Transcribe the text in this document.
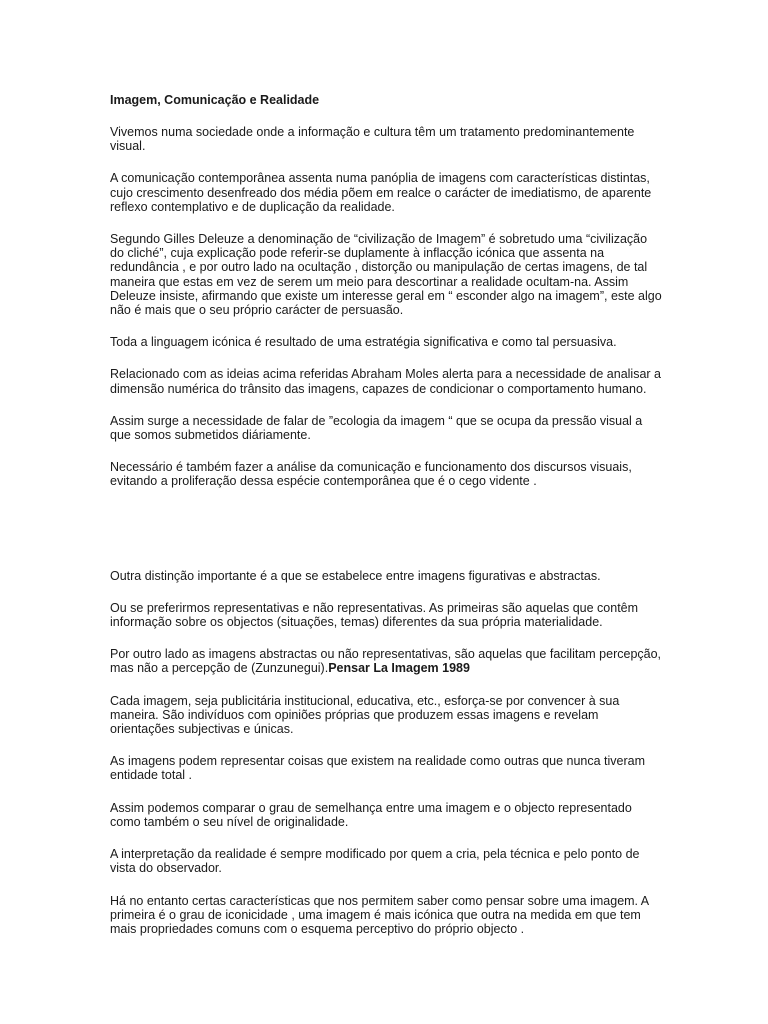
Imagem, Comunicação e Realidade

Vivemos numa sociedade onde a informação e cultura têm um tratamento predominantemente visual.

A comunicação contemporânea assenta numa panóplia de imagens com características distintas, cujo crescimento desenfreado dos média põem em realce o carácter de imediatismo, de aparente reflexo contemplativo e de duplicação da realidade.

Segundo Gilles Deleuze a denominação de “civilização de Imagem” é sobretudo uma “civilização do cliché”, cuja explicação pode referir-se duplamente à inflacção icónica que assenta na redundância , e por outro lado na ocultação , distorção ou manipulação de certas imagens, de tal maneira que estas em vez de serem um meio para descortinar a realidade ocultam-na. Assim Deleuze insiste, afirmando que existe um interesse geral em “ esconder algo na imagem”, este algo não é mais que o seu próprio carácter de persuasão.

Toda a linguagem icónica é resultado de uma estratégia significativa e como tal persuasiva.

Relacionado com as ideias acima referidas Abraham Moles alerta para a necessidade de analisar a dimensão numérica do trânsito das imagens, capazes de condicionar o comportamento humano.

Assim surge a necessidade de falar de ”ecologia da imagem “ que se ocupa da pressão visual a que somos submetidos diáriamente.

Necessário é também fazer a análise da comunicação e funcionamento dos discursos visuais, evitando a proliferação dessa espécie contemporânea que é o cego vidente .

Outra distinção importante é a que se estabelece entre imagens figurativas e abstractas.

Ou se preferirmos representativas e não representativas. As primeiras são aquelas que contêm informação sobre os objectos (situações, temas) diferentes da sua própria materialidade.

Por outro lado as imagens abstractas ou não representativas, são aquelas que facilitam percepção, mas não a percepção de (Zunzunegui).Pensar La Imagem 1989

Cada imagem, seja publicitária institucional, educativa, etc., esforça-se por convencer à sua maneira. São indivíduos com opiniões próprias que produzem essas imagens e revelam orientações subjectivas e únicas.

As imagens podem representar coisas que existem na realidade como outras que nunca tiveram entidade total .

Assim podemos comparar o grau de semelhança entre uma imagem e o objecto representado como também o seu nível de originalidade.

A interpretação da realidade é sempre modificado por quem a cria, pela técnica e pelo ponto de vista do observador.

Há no entanto certas características que nos permitem saber como pensar sobre uma imagem. A primeira é o grau de iconicidade , uma imagem é mais icónica que outra na medida em que tem mais propriedades comuns com o esquema perceptivo do próprio objecto .
